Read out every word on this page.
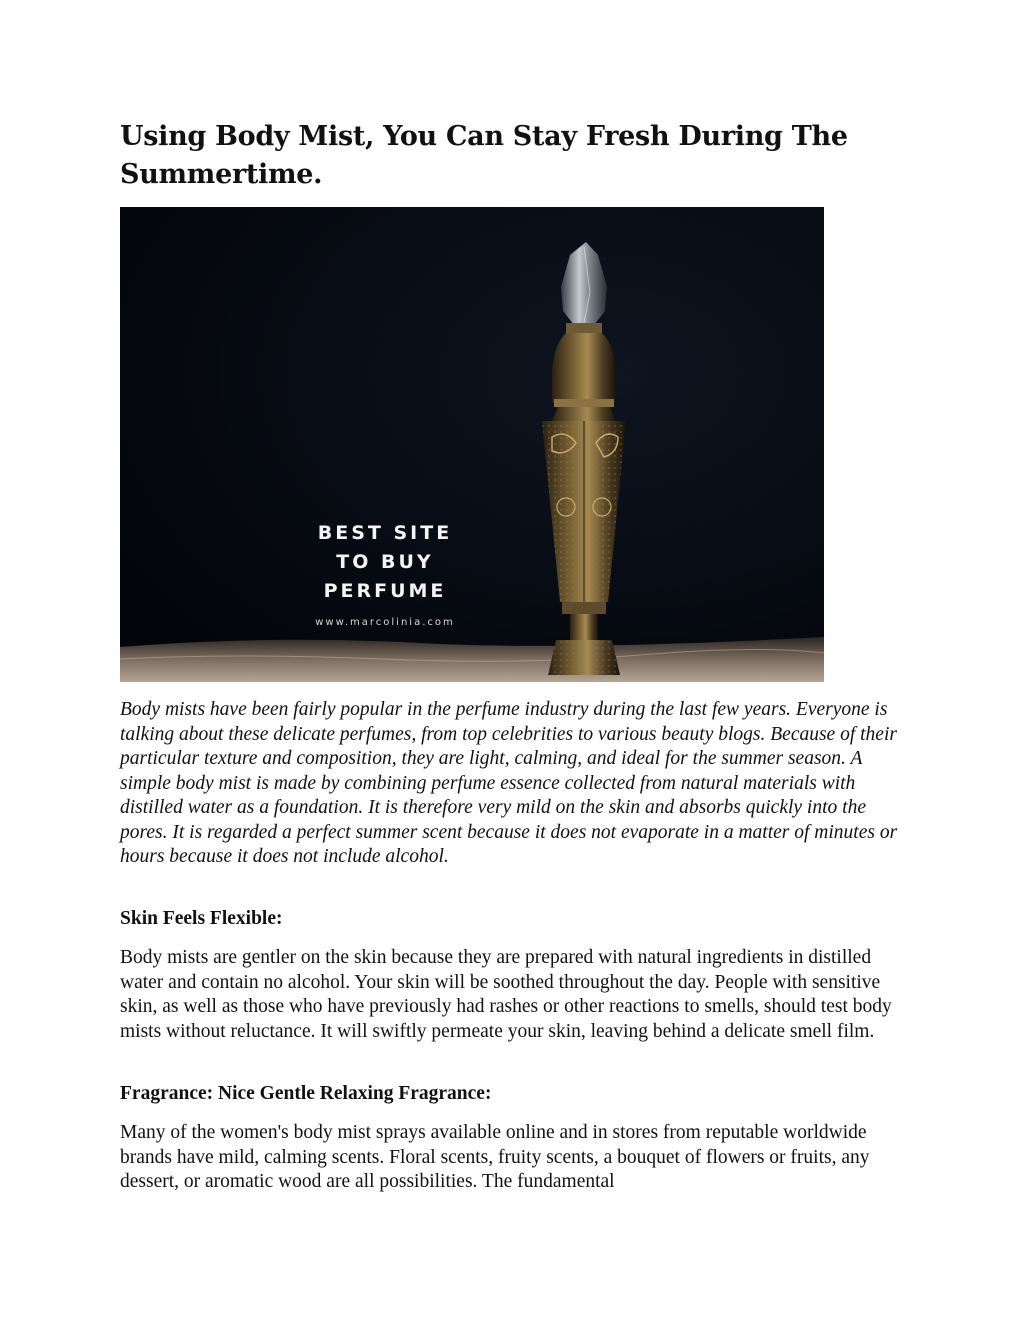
Using Body Mist, You Can Stay Fresh During The Summertime.
BEST SITE
TO BUY
PERFUME
www.marcolinia.com

Body mists have been fairly popular in the perfume industry during the last few years. Everyone is talking about these delicate perfumes, from top celebrities to various beauty blogs. Because of their particular texture and composition, they are light, calming, and ideal for the summer season. A simple body mist is made by combining perfume essence collected from natural materials with distilled water as a foundation. It is therefore very mild on the skin and absorbs quickly into the pores. It is regarded a perfect summer scent because it does not evaporate in a matter of minutes or hours because it does not include alcohol.

Skin Feels Flexible:

Body mists are gentler on the skin because they are prepared with natural ingredients in distilled water and contain no alcohol. Your skin will be soothed throughout the day. People with sensitive skin, as well as those who have previously had rashes or other reactions to smells, should test body mists without reluctance. It will swiftly permeate your skin, leaving behind a delicate smell film.

Fragrance: Nice Gentle Relaxing Fragrance:

Many of the women's body mist sprays available online and in stores from reputable worldwide brands have mild, calming scents. Floral scents, fruity scents, a bouquet of flowers or fruits, any dessert, or aromatic wood are all possibilities. The fundamental
